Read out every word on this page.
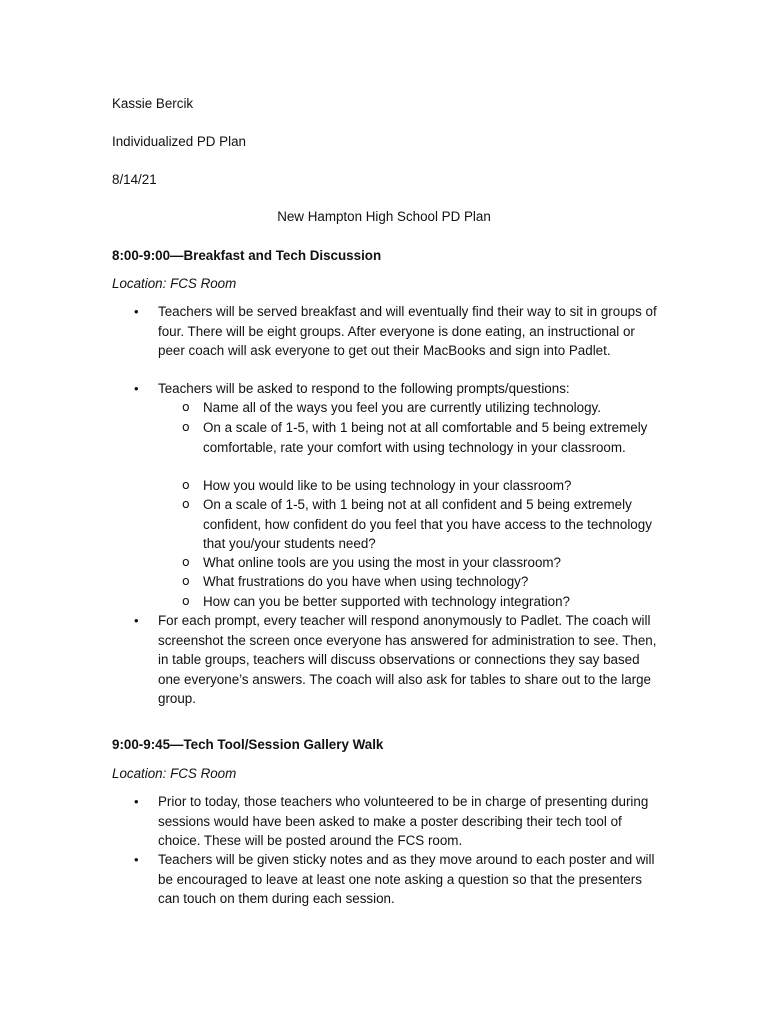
Kassie Bercik
Individualized PD Plan
8/14/21
New Hampton High School PD Plan
8:00-9:00—Breakfast and Tech Discussion
Location: FCS Room
• Teachers will be served breakfast and will eventually find their way to sit in groups of four. There will be eight groups. After everyone is done eating, an instructional or peer coach will ask everyone to get out their MacBooks and sign into Padlet.
• Teachers will be asked to respond to the following prompts/questions:
o Name all of the ways you feel you are currently utilizing technology.
o On a scale of 1-5, with 1 being not at all comfortable and 5 being extremely comfortable, rate your comfort with using technology in your classroom.
o How you would like to be using technology in your classroom?
o On a scale of 1-5, with 1 being not at all confident and 5 being extremely confident, how confident do you feel that you have access to the technology that you/your students need?
o What online tools are you using the most in your classroom?
o What frustrations do you have when using technology?
o How can you be better supported with technology integration?
• For each prompt, every teacher will respond anonymously to Padlet. The coach will screenshot the screen once everyone has answered for administration to see. Then, in table groups, teachers will discuss observations or connections they say based one everyone’s answers. The coach will also ask for tables to share out to the large group.
9:00-9:45—Tech Tool/Session Gallery Walk
Location: FCS Room
• Prior to today, those teachers who volunteered to be in charge of presenting during sessions would have been asked to make a poster describing their tech tool of choice. These will be posted around the FCS room.
• Teachers will be given sticky notes and as they move around to each poster and will be encouraged to leave at least one note asking a question so that the presenters can touch on them during each session.
